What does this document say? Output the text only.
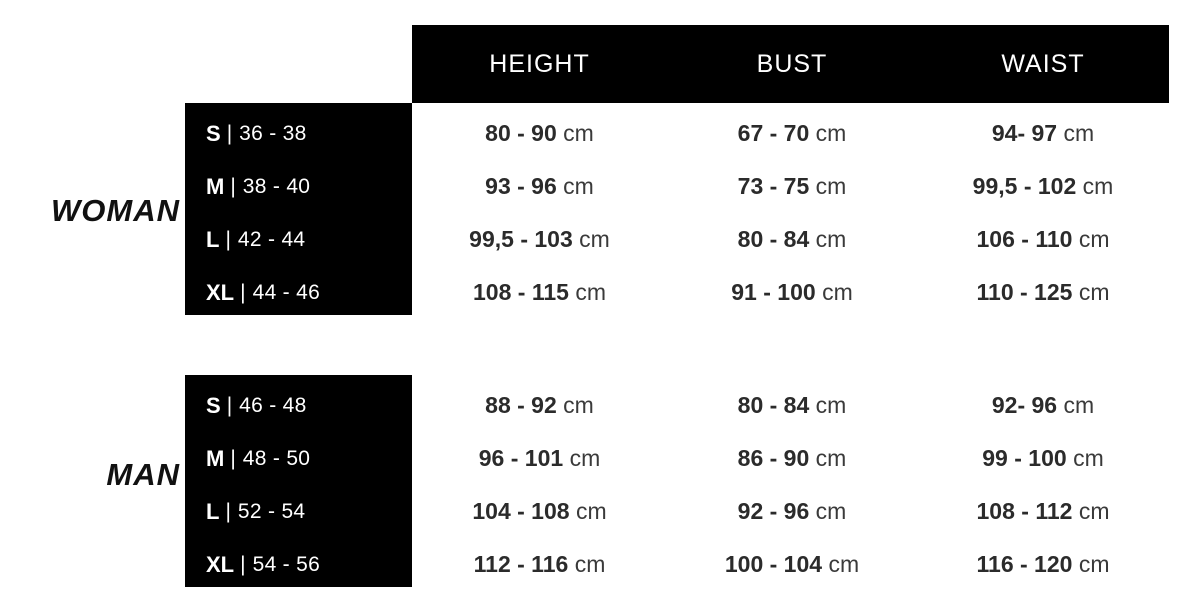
HEIGHT	BUST	WAIST
WOMAN
S | 36 - 38
M | 38 - 40
L | 42 - 44
XL | 44 - 46
80 - 90 cm
93 - 96 cm
99,5 - 103 cm
108 - 115 cm
67 - 70 cm
73 - 75 cm
80 - 84 cm
91 - 100 cm
94- 97 cm
99,5 - 102 cm
106 - 110 cm
110 - 125 cm
MAN
S | 46 - 48
M | 48 - 50
L | 52 - 54
XL | 54 - 56
88 - 92 cm
96 - 101 cm
104 - 108 cm
112 - 116 cm
80 - 84 cm
86 - 90 cm
92 - 96 cm
100 - 104 cm
92- 96 cm
99 - 100 cm
108 - 112 cm
116 - 120 cm
